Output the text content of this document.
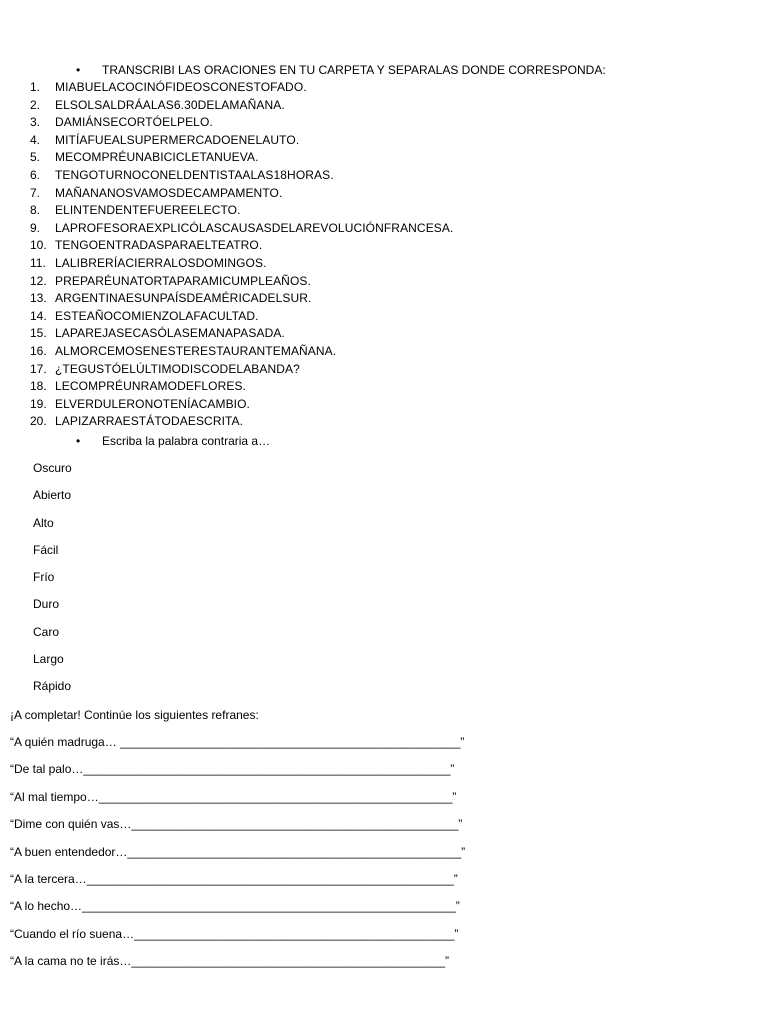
• TRANSCRIBI LAS ORACIONES EN TU CARPETA Y SEPARALAS DONDE CORRESPONDA:
1. MIABUELACOCINÓFIDEOSCONESTOFADO.
2. ELSOLSALDRÁALAS6.30DELAMAÑANA.
3. DAMIÁNSECORTÓELPELO.
4. MITÍAFUEALSUPERMERCADOENELAUTO.
5. MECOMPRÉUNABICICLETANUEVA.
6. TENGOTURNOCONELDENTISTAALAS18HORAS.
7. MAÑANANOSVAMOSDECAMPAMENTO.
8. ELINTENDENTEFUEREELECTO.
9. LAPROFESORAEXPLICÓLASCAUSASDELAREVOLUCIÓNFRANCESA.
10. TENGOENTRADASPARAELTEATRO.
11. LALIBRERÍACIERRALOSDOMINGOS.
12. PREPARÉUNATORTAPARAMICUMPLEAÑOS.
13. ARGENTINAESUNPAÍSDEAMÉRICADELSUR.
14. ESTEAÑOCOMIENZOLAFACULTAD.
15. LAPAREJASECASÓLASEMANAPASADA.
16. ALMORCEMOSENESTERESTAURANTEMAÑANA.
17. ¿TEGUSTÓELÚLTIMODISCODELABANDA?
18. LECOMPRÉUNRAMODEFLORES.
19. ELVERDULERONOTENÍACAMBIO.
20. LAPIZARRAESTÁTODAESCRITA.
• Escriba la palabra contraria a…
Oscuro
Abierto
Alto
Fácil
Frío
Duro
Caro
Largo
Rápido
¡A completar! Continúe los siguientes refranes:
“A quién madruga… ___________________________________________________”
“De tal palo…_______________________________________________________”
“Al mal tiempo…_____________________________________________________”
“Dime con quién vas…_________________________________________________”
“A buen entendedor…__________________________________________________”
“A la tercera…_______________________________________________________”
“A lo hecho…________________________________________________________”
“Cuando el río suena…________________________________________________”
“A la cama no te irás…_______________________________________________”
